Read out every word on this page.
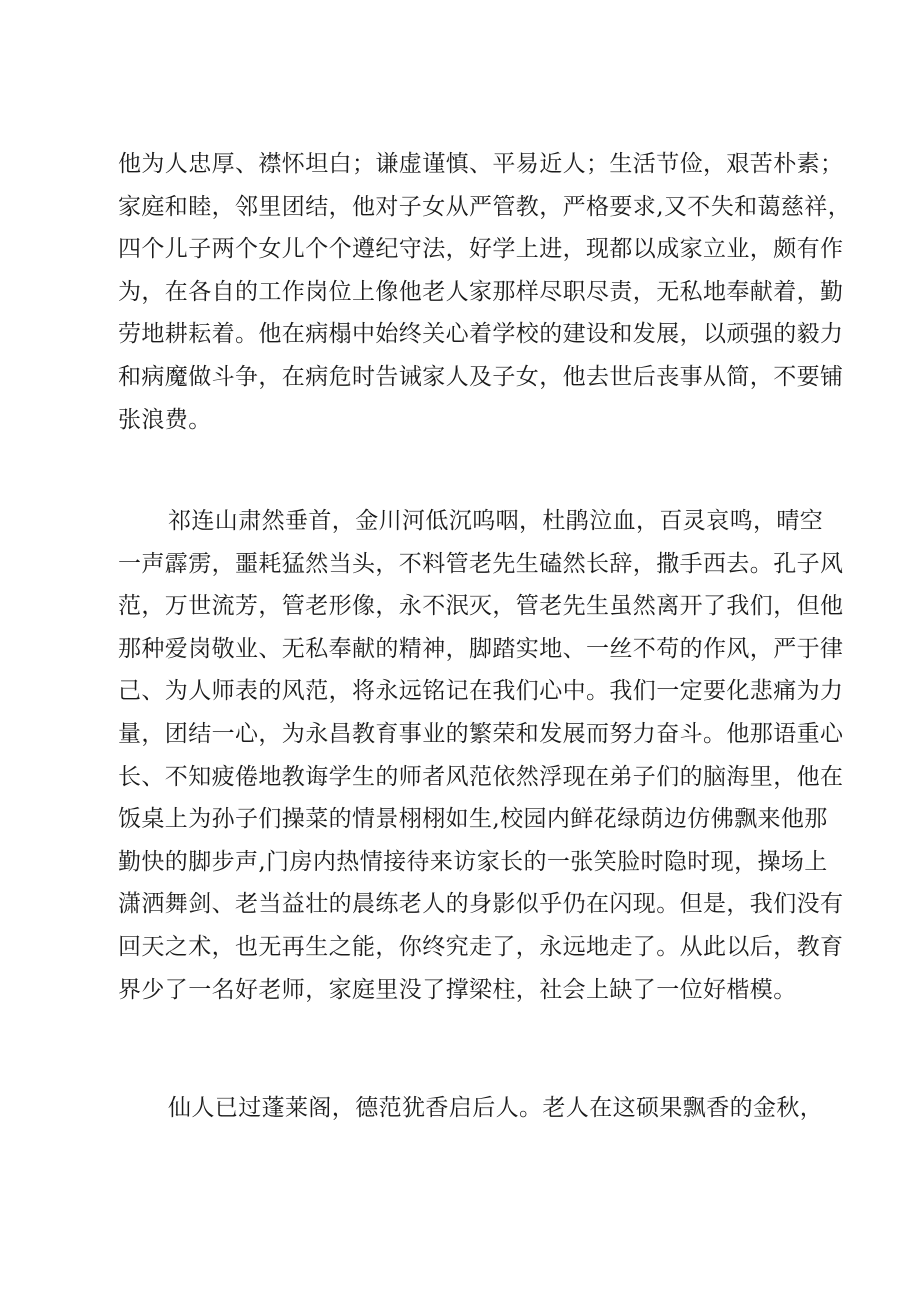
他为人忠厚、襟怀坦白；谦虚谨慎、平易近人；生活节俭，艰苦朴素；
家庭和睦，邻里团结，他对子女从严管教，严格要求,又不失和蔼慈祥，
四个儿子两个女儿个个遵纪守法，好学上进，现都以成家立业，颇有作
为，在各自的工作岗位上像他老人家那样尽职尽责，无私地奉献着，勤
劳地耕耘着。他在病榻中始终关心着学校的建设和发展，以顽强的毅力
和病魔做斗争，在病危时告诫家人及子女，他去世后丧事从简，不要铺
张浪费。
祁连山肃然垂首，金川河低沉呜咽，杜鹃泣血，百灵哀鸣，晴空
一声霹雳，噩耗猛然当头，不料管老先生磕然长辞，撒手西去。孔子风
范，万世流芳，管老形像，永不泯灭，管老先生虽然离开了我们，但他
那种爱岗敬业、无私奉献的精神，脚踏实地、一丝不苟的作风，严于律
己、为人师表的风范，将永远铭记在我们心中。我们一定要化悲痛为力
量，团结一心，为永昌教育事业的繁荣和发展而努力奋斗。他那语重心
长、不知疲倦地教诲学生的师者风范依然浮现在弟子们的脑海里，他在
饭桌上为孙子们操菜的情景栩栩如生,校园内鲜花绿荫边仿佛飘来他那
勤快的脚步声,门房内热情接待来访家长的一张笑脸时隐时现，操场上
潇洒舞剑、老当益壮的晨练老人的身影似乎仍在闪现。但是，我们没有
回天之术，也无再生之能，你终究走了，永远地走了。从此以后，教育
界少了一名好老师，家庭里没了撑梁柱，社会上缺了一位好楷模。
仙人已过蓬莱阁，德范犹香启后人。老人在这硕果飘香的金秋，
